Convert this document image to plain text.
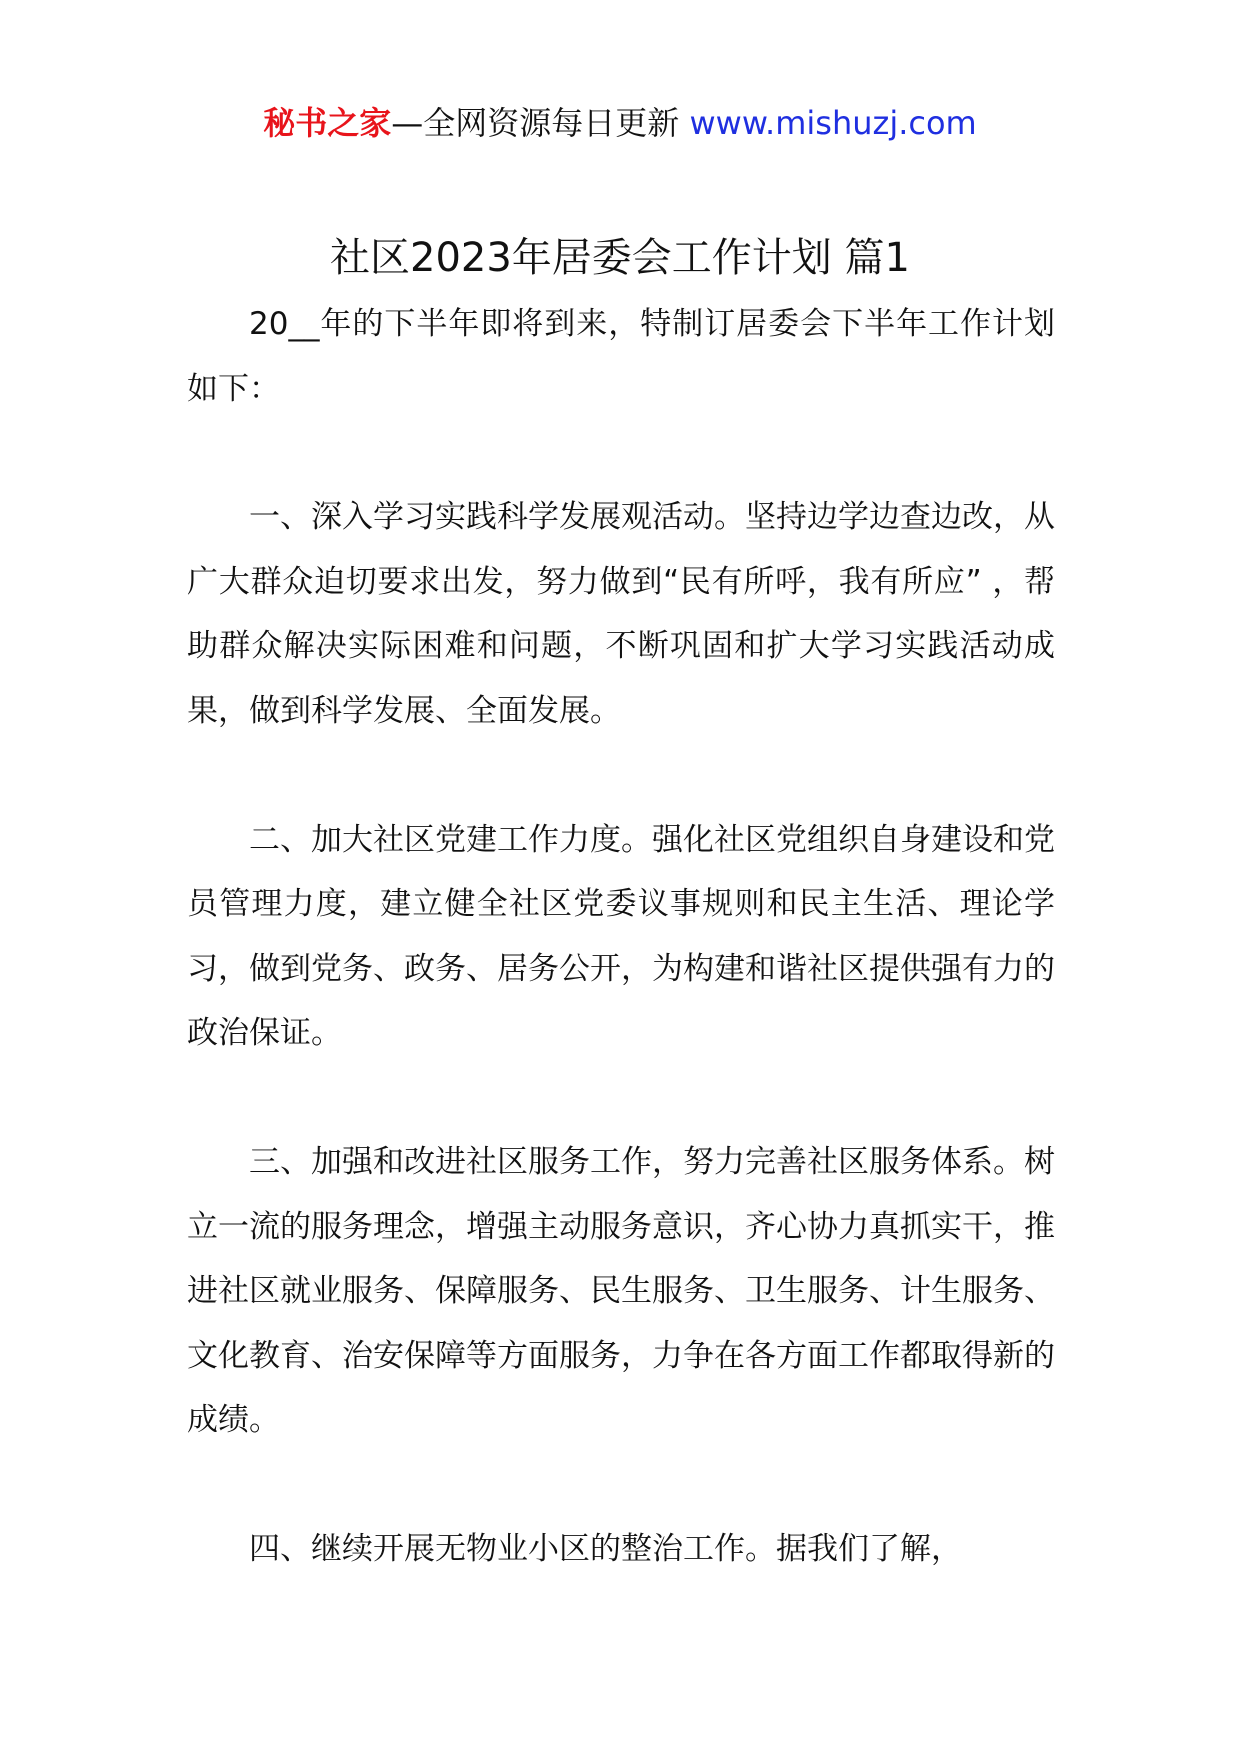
秘书之家—全网资源每日更新 www.mishuzj.com
社区2023年居委会工作计划 篇1

20__年的下半年即将到来，特制订居委会下半年工作计划如下：

一、深入学习实践科学发展观活动。坚持边学边查边改，从广大群众迫切要求出发，努力做到“民有所呼，我有所应” ，帮助群众解决实际困难和问题，不断巩固和扩大学习实践活动成果，做到科学发展、全面发展。

二、加大社区党建工作力度。强化社区党组织自身建设和党员管理力度，建立健全社区党委议事规则和民主生活、理论学习，做到党务、政务、居务公开，为构建和谐社区提供强有力的政治保证。

三、加强和改进社区服务工作，努力完善社区服务体系。树立一流的服务理念，增强主动服务意识，齐心协力真抓实干，推进社区就业服务、保障服务、民生服务、卫生服务、计生服务、文化教育、治安保障等方面服务，力争在各方面工作都取得新的成绩。

四、继续开展无物业小区的整治工作。据我们了解，
